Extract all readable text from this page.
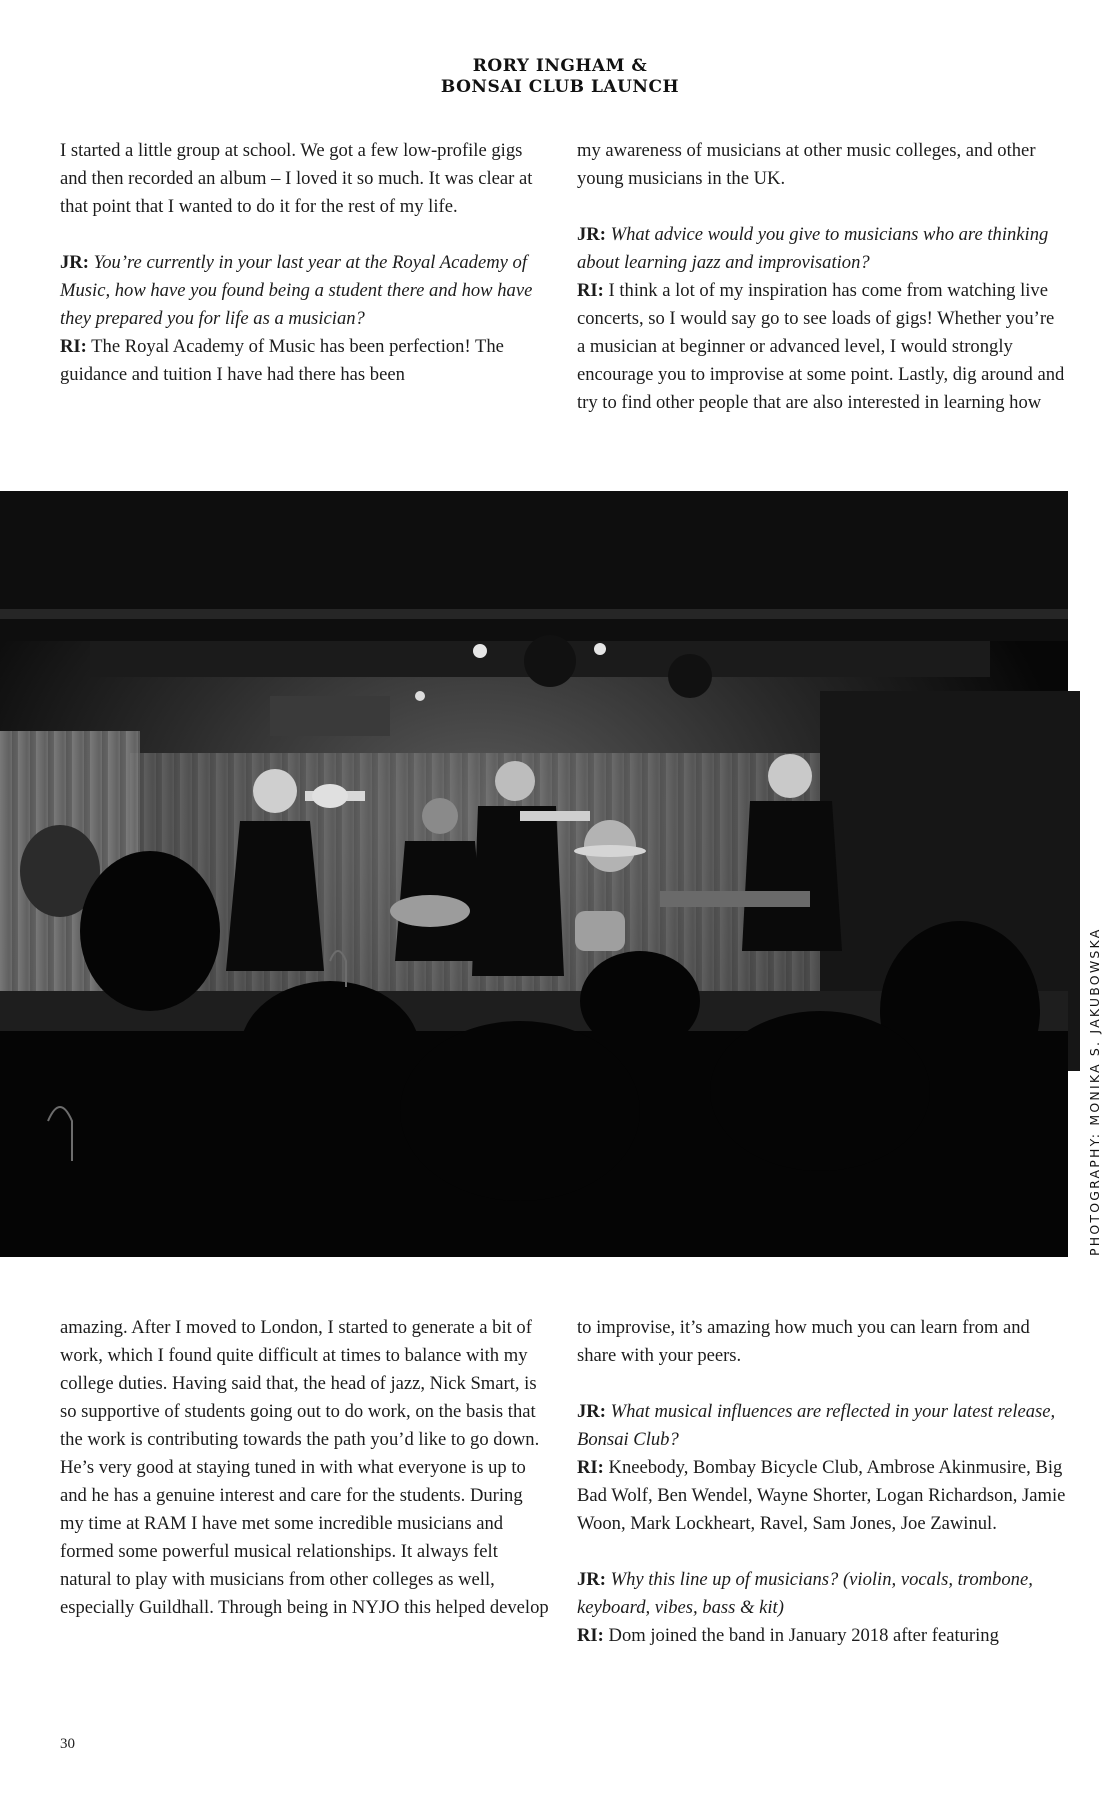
RORY INGHAM &
BONSAI CLUB LAUNCH

I started a little group at school. We got a few low-profile gigs and then recorded an album – I loved it so much. It was clear at that point that I wanted to do it for the rest of my life.

JR: You’re currently in your last year at the Royal Academy of Music, how have you found being a student there and how have they prepared you for life as a musician?
RI: The Royal Academy of Music has been perfection! The guidance and tuition I have had there has been

my awareness of musicians at other music colleges, and other young musicians in the UK.

JR: What advice would you give to musicians who are thinking about learning jazz and improvisation?
RI: I think a lot of my inspiration has come from watching live concerts, so I would say go to see loads of gigs! Whether you’re a musician at beginner or advanced level, I would strongly encourage you to improvise at some point. Lastly, dig around and try to find other people that are also interested in learning how

PHOTOGRAPHY: MONIKA S. JAKUBOWSKA

amazing. After I moved to London, I started to generate a bit of work, which I found quite difficult at times to balance with my college duties. Having said that, the head of jazz, Nick Smart, is so supportive of students going out to do work, on the basis that the work is contributing towards the path you’d like to go down. He’s very good at staying tuned in with what everyone is up to and he has a genuine interest and care for the students. During my time at RAM I have met some incredible musicians and formed some powerful musical relationships. It always felt natural to play with musicians from other colleges as well, especially Guildhall. Through being in NYJO this helped develop

to improvise, it’s amazing how much you can learn from and share with your peers.

JR: What musical influences are reflected in your latest release, Bonsai Club?
RI: Kneebody, Bombay Bicycle Club, Ambrose Akinmusire, Big Bad Wolf, Ben Wendel, Wayne Shorter, Logan Richardson, Jamie Woon, Mark Lockheart, Ravel, Sam Jones, Joe Zawinul.

JR: Why this line up of musicians? (violin, vocals, trombone, keyboard, vibes, bass & kit)
RI: Dom joined the band in January 2018 after featuring

30
